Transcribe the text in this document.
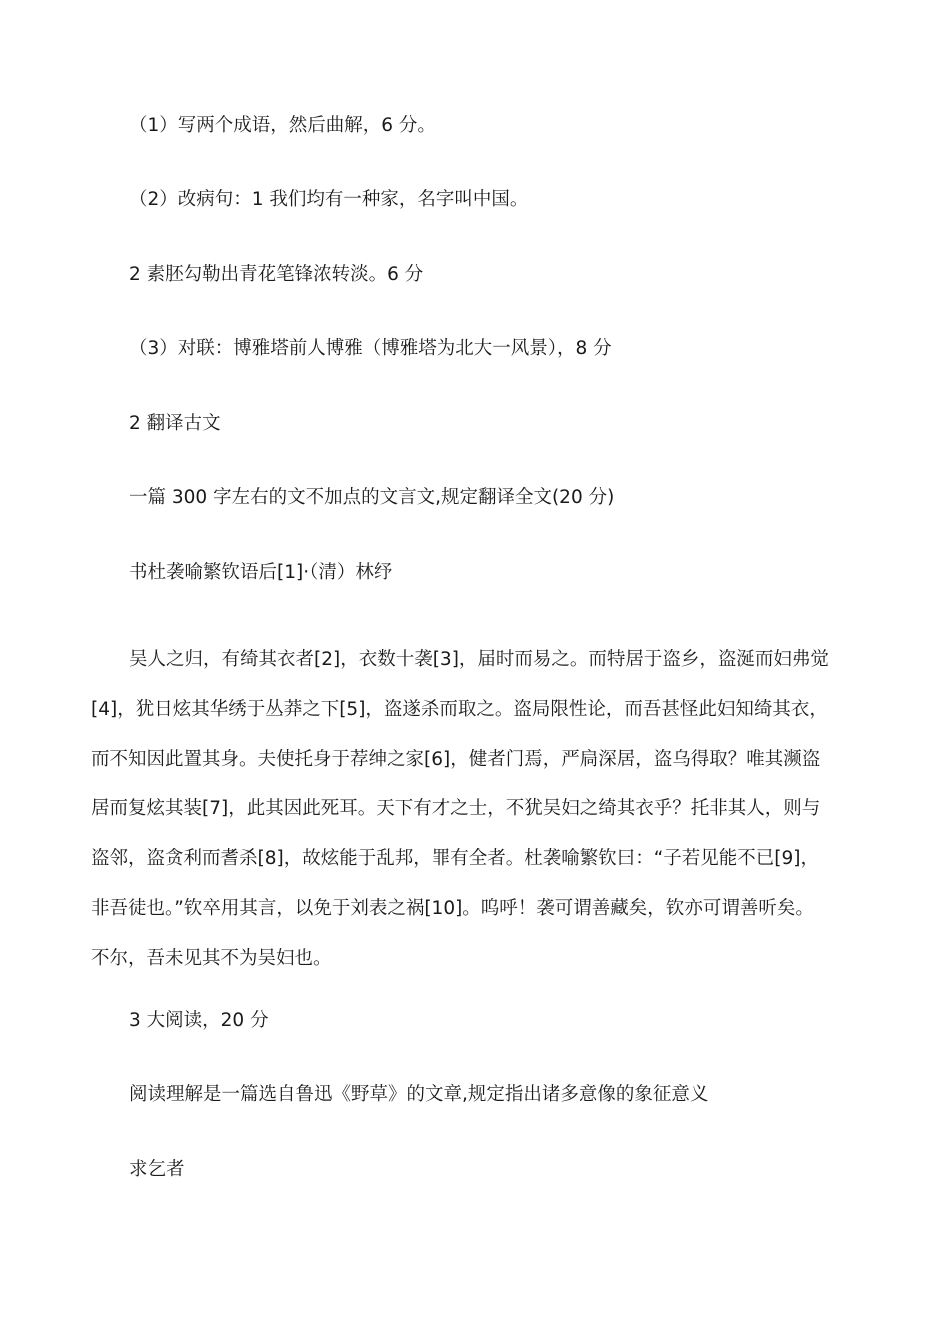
（1）写两个成语，然后曲解，6 分。
（2）改病句：1 我们均有一种家，名字叫中国。
2 素胚勾勒出青花笔锋浓转淡。6 分
（3）对联：博雅塔前人博雅（博雅塔为北大一风景），8 分
2 翻译古文
一篇 300 字左右的文不加点的文言文,规定翻译全文(20 分)
书杜袭喻繁钦语后[1]·（清）林纾
吴人之归，有绮其衣者[2]，衣数十袭[3]，届时而易之。而特居于盗乡，盗涎而妇弗觉
[4]，犹日炫其华绣于丛莽之下[5]，盗遂杀而取之。盗局限性论，而吾甚怪此妇知绮其衣，
而不知因此置其身。夫使托身于荐绅之家[6]，健者门焉，严扃深居，盗乌得取？唯其濒盗
居而复炫其装[7]，此其因此死耳。天下有才之士，不犹吴妇之绮其衣乎？托非其人，则与
盗邻，盗贪利而耆杀[8]，故炫能于乱邦，罪有全者。杜袭喻繁钦曰：“子若见能不已[9]，
非吾徒也。”钦卒用其言，以免于刘表之祸[10]。呜呼！袭可谓善藏矣，钦亦可谓善听矣。
不尔，吾未见其不为吴妇也。
3 大阅读，20 分
阅读理解是一篇选自鲁迅《野草》的文章,规定指出诸多意像的象征意义
求乞者
